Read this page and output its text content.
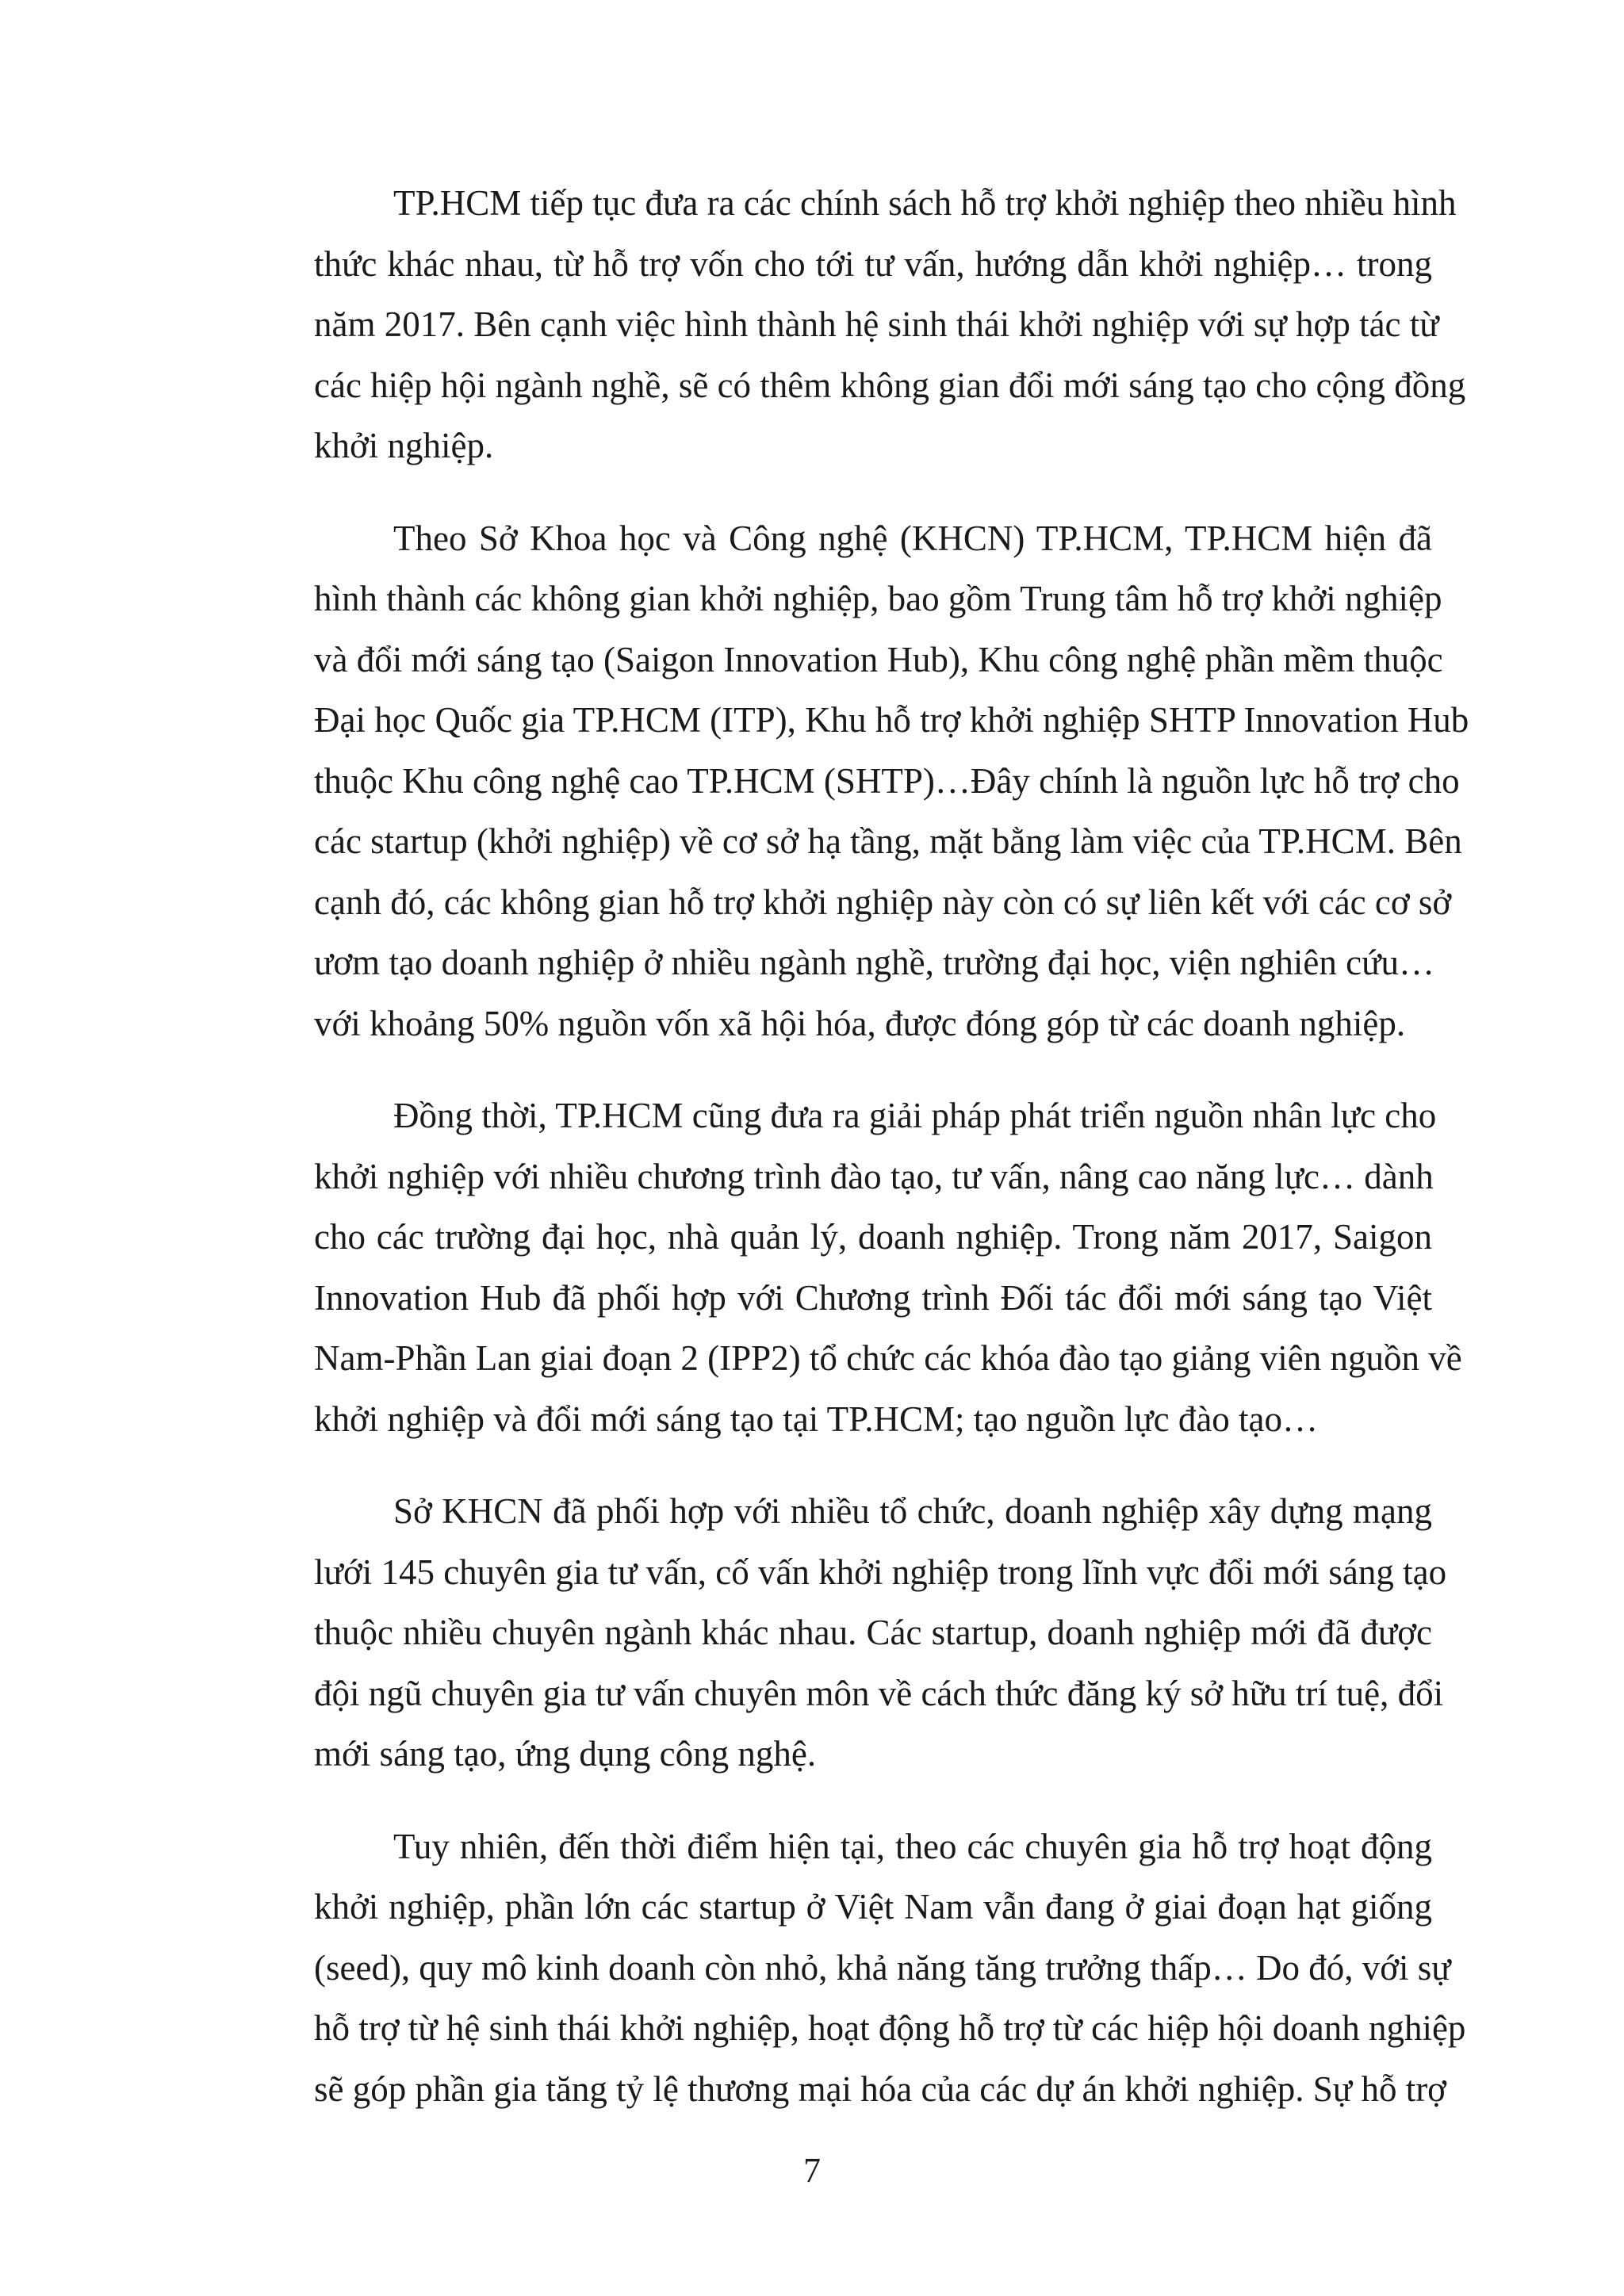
TP.HCM tiếp tục đưa ra các chính sách hỗ trợ khởi nghiệp theo nhiều hình
thức khác nhau, từ hỗ trợ vốn cho tới tư vấn, hướng dẫn khởi nghiệp… trong
năm 2017. Bên cạnh việc hình thành hệ sinh thái khởi nghiệp với sự hợp tác từ
các hiệp hội ngành nghề, sẽ có thêm không gian đổi mới sáng tạo cho cộng đồng
khởi nghiệp.
Theo Sở Khoa học và Công nghệ (KHCN) TP.HCM, TP.HCM hiện đã
hình thành các không gian khởi nghiệp, bao gồm Trung tâm hỗ trợ khởi nghiệp
và đổi mới sáng tạo (Saigon Innovation Hub), Khu công nghệ phần mềm thuộc
Đại học Quốc gia TP.HCM (ITP), Khu hỗ trợ khởi nghiệp SHTP Innovation Hub
thuộc Khu công nghệ cao TP.HCM (SHTP)…Đây chính là nguồn lực hỗ trợ cho
các startup (khởi nghiệp) về cơ sở hạ tầng, mặt bằng làm việc của TP.HCM. Bên
cạnh đó, các không gian hỗ trợ khởi nghiệp này còn có sự liên kết với các cơ sở
ươm tạo doanh nghiệp ở nhiều ngành nghề, trường đại học, viện nghiên cứu…
với khoảng 50% nguồn vốn xã hội hóa, được đóng góp từ các doanh nghiệp.
Đồng thời, TP.HCM cũng đưa ra giải pháp phát triển nguồn nhân lực cho
khởi nghiệp với nhiều chương trình đào tạo, tư vấn, nâng cao năng lực… dành
cho các trường đại học, nhà quản lý, doanh nghiệp. Trong năm 2017, Saigon
Innovation Hub đã phối hợp với Chương trình Đối tác đổi mới sáng tạo Việt
Nam-Phần Lan giai đoạn 2 (IPP2) tổ chức các khóa đào tạo giảng viên nguồn về
khởi nghiệp và đổi mới sáng tạo tại TP.HCM; tạo nguồn lực đào tạo…
Sở KHCN đã phối hợp với nhiều tổ chức, doanh nghiệp xây dựng mạng
lưới 145 chuyên gia tư vấn, cố vấn khởi nghiệp trong lĩnh vực đổi mới sáng tạo
thuộc nhiều chuyên ngành khác nhau. Các startup, doanh nghiệp mới đã được
đội ngũ chuyên gia tư vấn chuyên môn về cách thức đăng ký sở hữu trí tuệ, đổi
mới sáng tạo, ứng dụng công nghệ.
Tuy nhiên, đến thời điểm hiện tại, theo các chuyên gia hỗ trợ hoạt động
khởi nghiệp, phần lớn các startup ở Việt Nam vẫn đang ở giai đoạn hạt giống
(seed), quy mô kinh doanh còn nhỏ, khả năng tăng trưởng thấp… Do đó, với sự
hỗ trợ từ hệ sinh thái khởi nghiệp, hoạt động hỗ trợ từ các hiệp hội doanh nghiệp
sẽ góp phần gia tăng tỷ lệ thương mại hóa của các dự án khởi nghiệp. Sự hỗ trợ
7
